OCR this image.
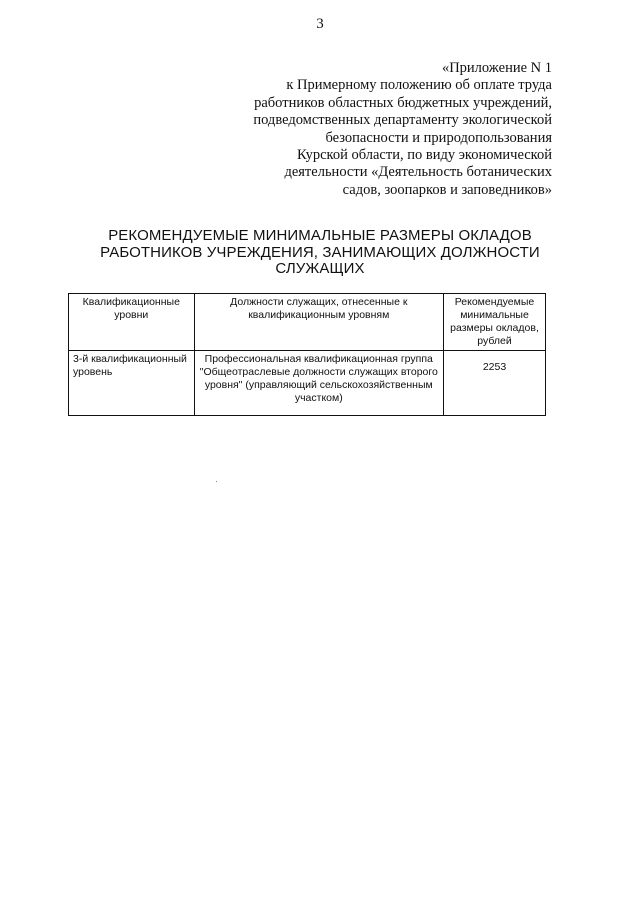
3
«Приложение N 1
к Примерному положению об оплате труда
работников областных бюджетных учреждений,
подведомственных департаменту экологической
безопасности и природопользования
Курской области, по виду экономической
деятельности «Деятельность ботанических
садов, зоопарков и заповедников»
РЕКОМЕНДУЕМЫЕ МИНИМАЛЬНЫЕ РАЗМЕРЫ ОКЛАДОВ
РАБОТНИКОВ УЧРЕЖДЕНИЯ, ЗАНИМАЮЩИХ ДОЛЖНОСТИ
СЛУЖАЩИХ
Квалификационные уровни	Должности служащих, отнесенные к квалификационным уровням	Рекомендуемые минимальные размеры окладов, рублей
3-й квалификационный уровень	Профессиональная квалификационная группа "Общеотраслевые должности служащих второго уровня" (управляющий сельскохозяйственным участком)	2253
